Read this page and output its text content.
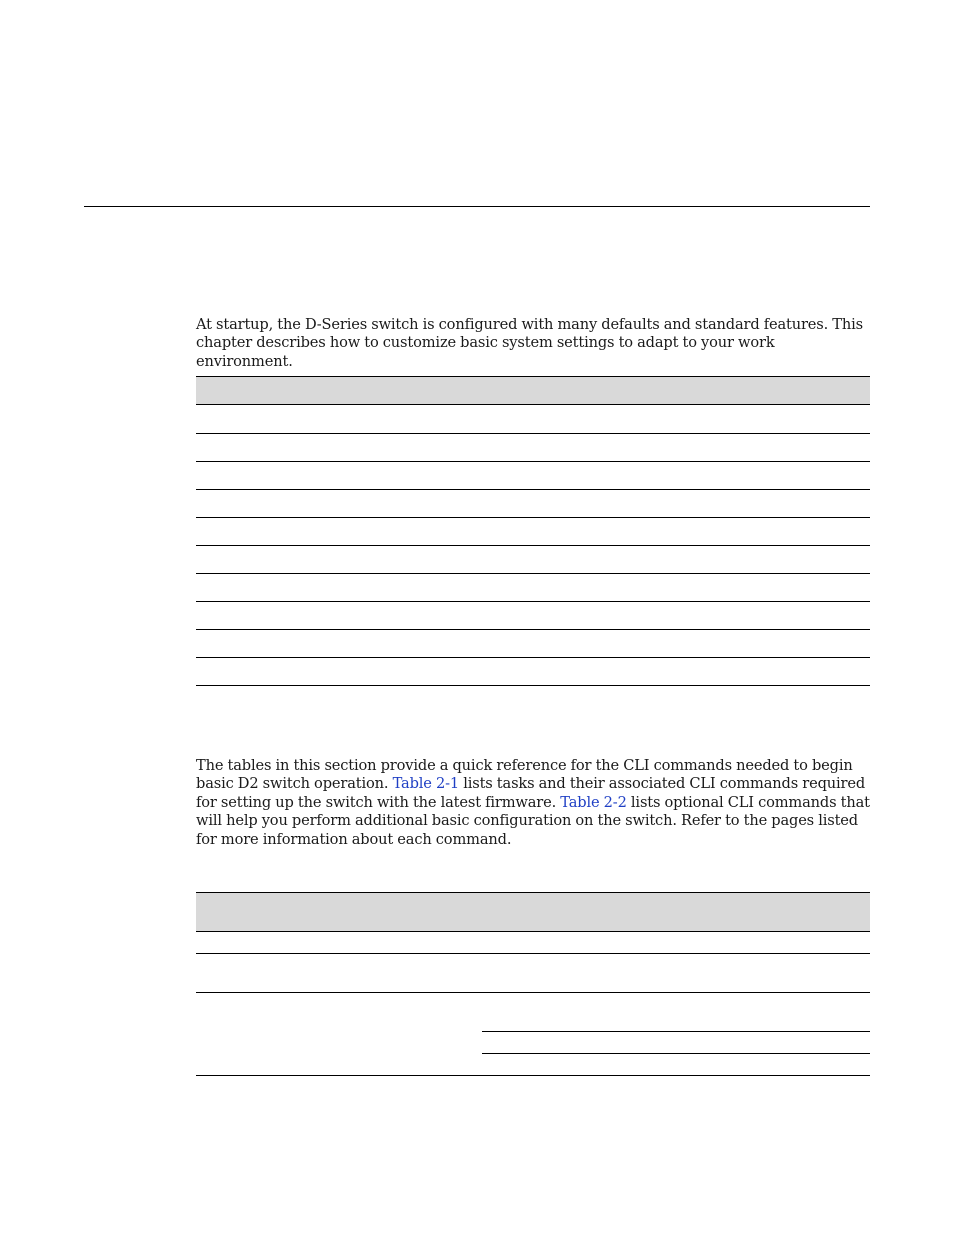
At startup, the D-Series switch is configured with many defaults and standard features. This chapter describes how to customize basic system settings to adapt to your work environment.

The tables in this section provide a quick reference for the CLI commands needed to begin basic D2 switch operation. Table 2-1 lists tasks and their associated CLI commands required for setting up the switch with the latest firmware. Table 2-2 lists optional CLI commands that will help you perform additional basic configuration on the switch. Refer to the pages listed for more information about each command.
